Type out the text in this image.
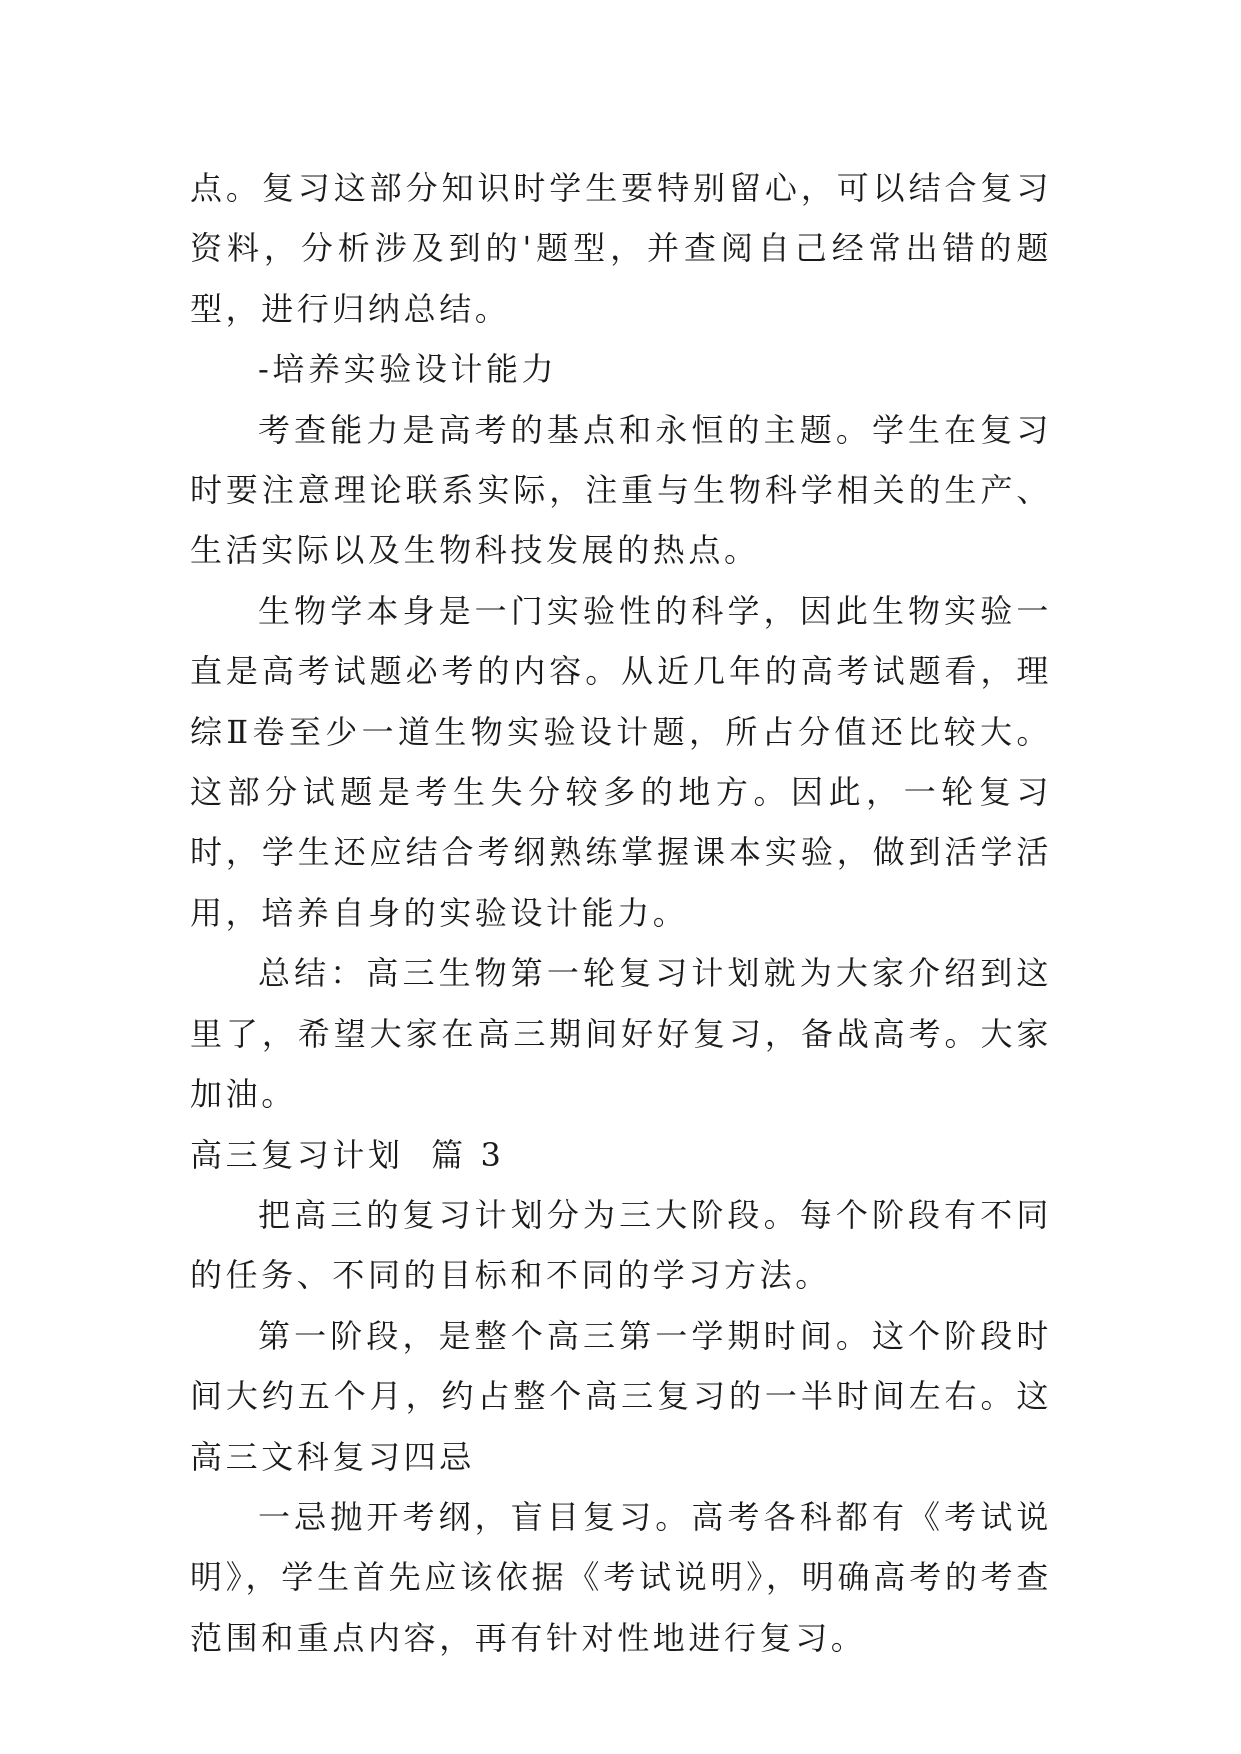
点。复习这部分知识时学生要特别留心，可以结合复习资料，分析涉及到的'题型，并查阅自己经常出错的题型，进行归纳总结。

-培养实验设计能力

考查能力是高考的基点和永恒的主题。学生在复习时要注意理论联系实际，注重与生物科学相关的生产、生活实际以及生物科技发展的热点。

生物学本身是一门实验性的科学，因此生物实验一直是高考试题必考的内容。从近几年的高考试题看，理综Ⅱ卷至少一道生物实验设计题，所占分值还比较大。这部分试题是考生失分较多的地方。因此，一轮复习时，学生还应结合考纲熟练掌握课本实验，做到活学活用，培养自身的实验设计能力。

总结：高三生物第一轮复习计划就为大家介绍到这里了，希望大家在高三期间好好复习，备战高考。大家加油。

高三复习计划  篇 3

把高三的复习计划分为三大阶段。每个阶段有不同的任务、不同的目标和不同的学习方法。

第一阶段，是整个高三第一学期时间。这个阶段时间大约五个月，约占整个高三复习的一半时间左右。这高三文科复习四忌

一忌抛开考纲，盲目复习。高考各科都有《考试说明》，学生首先应该依据《考试说明》，明确高考的考查范围和重点内容，再有针对性地进行复习。
